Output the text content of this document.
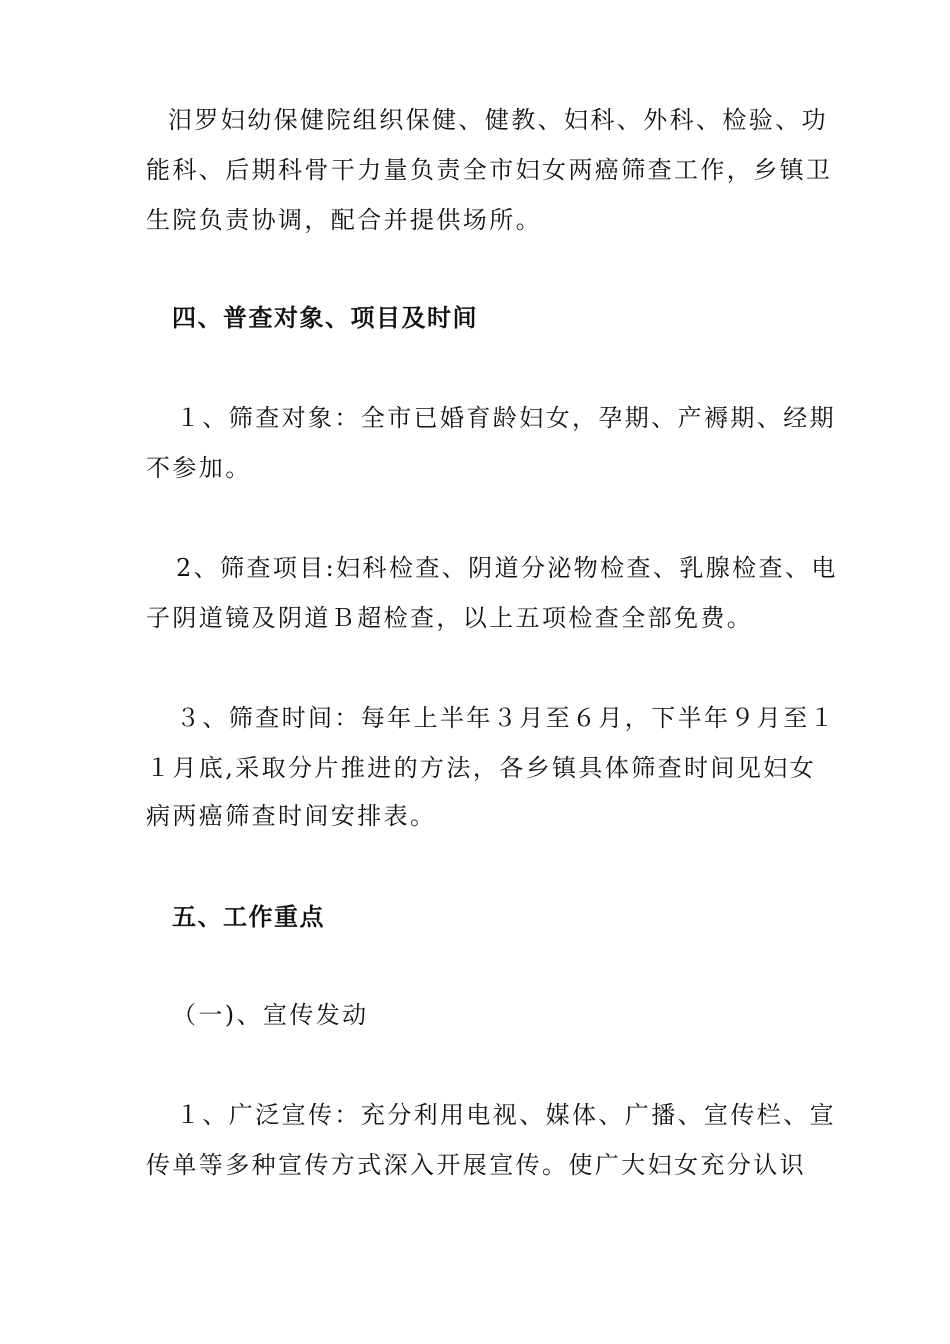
汨罗妇幼保健院组织保健、健教、妇科、外科、检验、功
能科、后期科骨干力量负责全市妇女两癌筛查工作，乡镇卫
生院负责协调，配合并提供场所。
四、普查对象、项目及时间
１、筛查对象：全市已婚育龄妇女，孕期、产褥期、经期
不参加。
2、筛查项目:妇科检查、阴道分泌物检查、乳腺检查、电
子阴道镜及阴道Ｂ超检查，以上五项检查全部免费。
３、筛查时间：每年上半年３月至６月，下半年９月至１
１月底,采取分片推进的方法，各乡镇具体筛查时间见妇女
病两癌筛查时间安排表。
五、工作重点
（一)、宣传发动
１、广泛宣传：充分利用电视、媒体、广播、宣传栏、宣
传单等多种宣传方式深入开展宣传。使广大妇女充分认识
